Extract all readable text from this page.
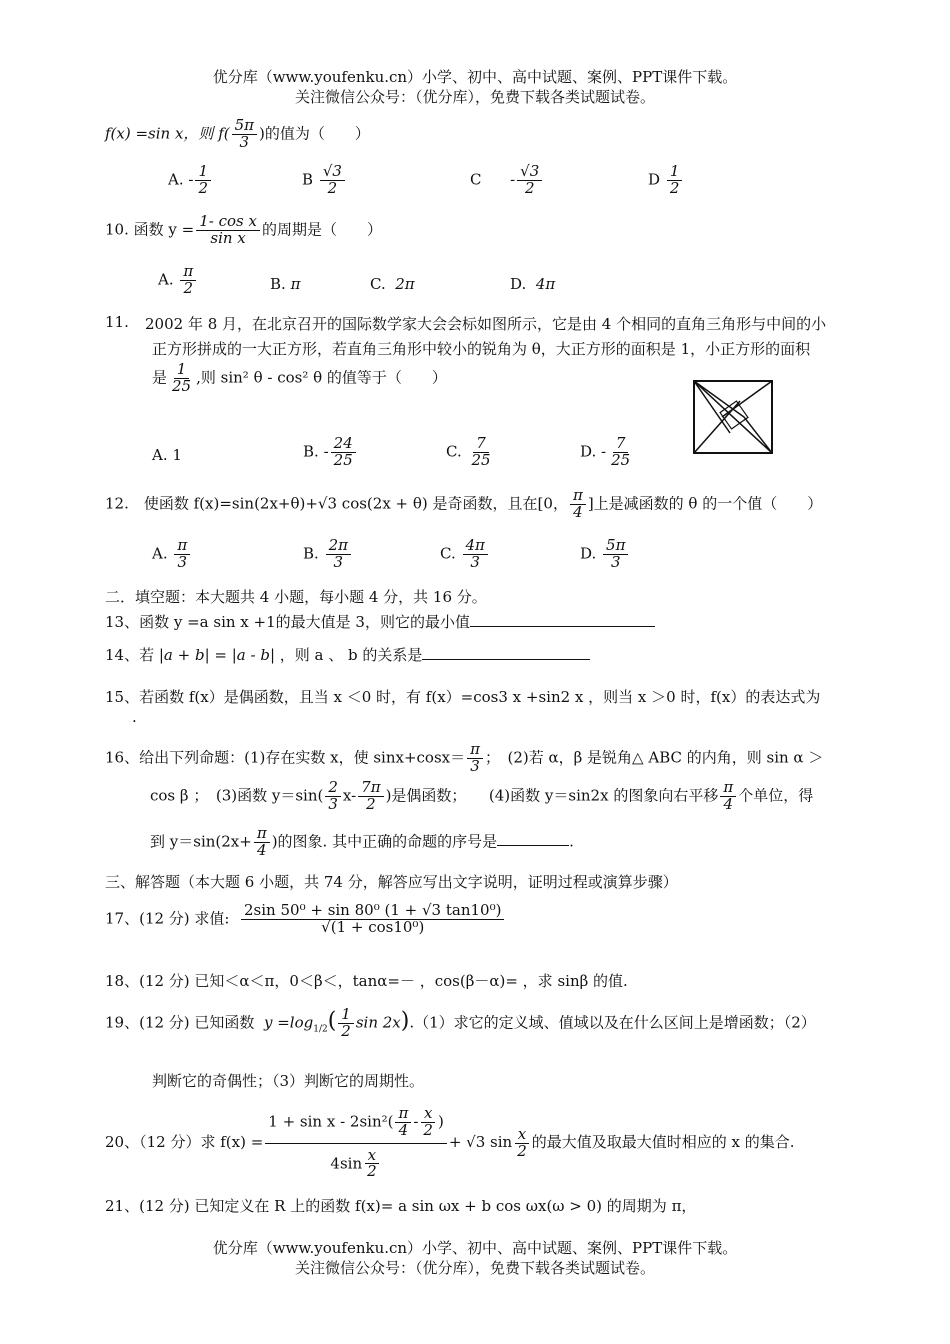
优分库（www.youfenku.cn）小学、初中、高中试题、案例、PPT课件下载。
关注微信公众号：（优分库），免费下载各类试题试卷。
f(x) =sin x，则 $f( \frac{5\pi}{3}$ )的值为（　　）
A. - $\frac{1}{2}$	B $\frac{√3}{2}$	C - $\frac{√3}{2}$	D $\frac{1}{2}$
10. 函数 $y = \frac{\text{1- cos x}}{\text{sin x}}$ 的周期是（　　）
A. $\frac{\pi}{2}$	B. π	C. 2π	D. 4π
11. 2002 年 8 月，在北京召开的国际数学家大会会标如图所示，它是由 4 个相同的直角三角形与中间的小
正方形拼成的一大正方形，若直角三角形中较小的锐角为 θ，大正方形的面积是 1，小正方形的面积
是 $\frac{1}{25}$ ,则 sin² θ - cos² θ 的值等于（　　）
A. 1	B. - $\frac{24}{25}$	C. $\frac{7}{25}$	D. - $\frac{7}{25}$
12.　使函数 f(x)=sin(2x+θ)+√3 cos(2x + θ) 是奇函数，且在[0， $\frac{\pi}{4}$ ]上是减函数的 θ 的一个值（　　）
A. $\frac{\pi}{3}$	B. $\frac{2\pi}{3}$	C. $\frac{4\pi}{3}$	D. $\frac{5\pi}{3}$
二．填空题：本大题共 4 小题，每小题 4 分，共 16 分。
13、函数 y =a sin x +1的最大值是 3，则它的最小值
14、若 |a + b| = |a - b| ，则 a 、 b 的关系是
15、若函数 f(x）是偶函数，且当 x ＜0 时，有 f(x）=cos3 x +sin2 x ，则当 x ＞0 时，f(x）的表达式为
.
16、给出下列命题：(1)存在实数 x，使 $\sin x+\cos x= \frac{\pi}{3}$ ；　(2)若 α，β 是锐角△ ABC 的内角，则 sin α ＞
cos β ；　(3)函数 $y=\sin( \frac{2}{3} x- \frac{7\pi}{2}$ )是偶函数；　　(4)函数 y＝sin2x 的图象向右平移 $\frac{\pi}{4}$ 个单位，得
到 $y=\sin(2x+ \frac{\pi}{4}$ )的图象. 其中正确的命题的序号是	.
三、解答题（本大题 6 小题，共 74 分，解答应写出文字说明，证明过程或演算步骤）
17、(12 分) 求值: $\frac{\text{2sin 50⁰ + sin 80⁰ (1 + √3 tan10⁰)}}{\text{√(1 + cos10⁰)}}$
18、(12 分) 已知＜α＜π，0＜β＜，tanα=－ ，cos(β－α)= ，求 sinβ 的值.
19、(12 分) 已知函数 $y =\log_{1/2}( \frac{1}{2}$ sin 2x).（1）求它的定义域、值域以及在什么区间上是增函数；（2）
判断它的奇偶性；（3）判断它的周期性。
20、（12 分）求 $f(x) = \frac{1 + \sin x - 2\sin^2( \frac{\pi}{4} - \frac{x}{2} )}{4\sin \frac{x}{2}} + √3$ $\sin \frac{x}{2}$ 的最大值及取最大值时相应的 x 的集合.
21、(12 分) 已知定义在 R 上的函数 f(x)= a sin ωx + b cos ωx(ω > 0) 的周期为 π，
优分库（www.youfenku.cn）小学、初中、高中试题、案例、PPT课件下载。
关注微信公众号：（优分库），免费下载各类试题试卷。
